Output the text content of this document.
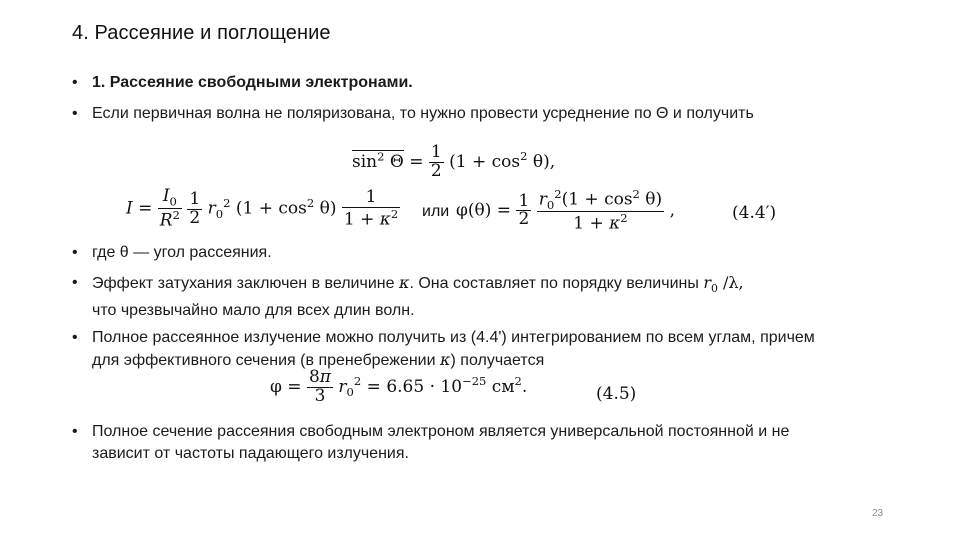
4. Рассеяние и поглощение
• 1. Рассеяние свободными электронами.
• Если первичная волна не поляризована, то нужно провести усреднение по Θ и получить
$\sin^2 \Theta = \frac{1}{2} (1 + \cos^2 \theta)$,
$I = \frac{I_0}{R^2}$
$\frac{1}{2} r_0^2$ $(1 + \cos^2 \theta) \frac{1}{1 + \kappa^2}$ или $\varphi(\theta) = \frac{1}{2}$
$\frac{r_0^2(1 + \cos^2 \theta)}{1 + \kappa^2}$ ,	(4.4′)
• где θ — угол рассеяния.
• Эффект затухания заключен в величине κ. Она составляет по порядку величины $r_0$ /λ,
что чрезвычайно мало для всех длин волн.
• Полное рассеянное излучение можно получить из (4.4') интегрированием по всем углам, причем для эффективного сечения (в пренебрежении κ) получается
$\varphi = \frac{8\pi}{3} r_0^2 = 6.65 \cdot 10^{-25}$ $см^2$.	(4.5)
• Полное сечение рассеяния свободным электроном является универсальной постоянной и не зависит от частоты падающего излучения.
23
